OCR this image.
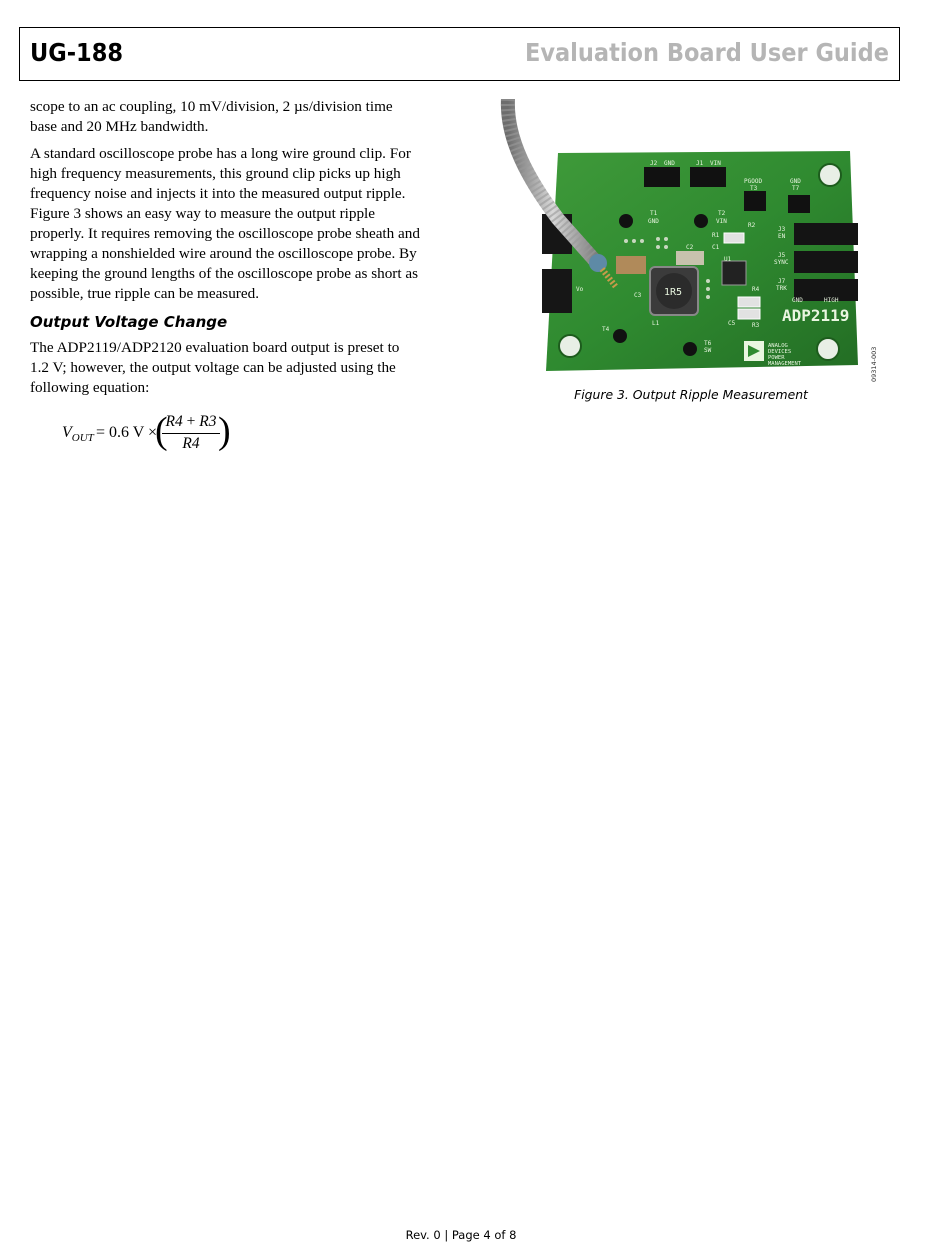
UG-188	Evaluation Board User Guide

scope to an ac coupling, 10 mV/division, 2 µs/division time base and 20 MHz bandwidth.

A standard oscilloscope probe has a long wire ground clip. For high frequency measurements, this ground clip picks up high frequency noise and injects it into the measured output ripple. Figure 3 shows an easy way to measure the output ripple properly. It requires removing the oscilloscope probe sheath and wrapping a nonshielded wire around the oscilloscope probe. By keeping the ground lengths of the oscilloscope probe as short as possible, true ripple can be measured.

Output Voltage Change

The ADP2119/ADP2120 evaluation board output is preset to 1.2 V; however, the output voltage can be adjusted using the following equation:

$V_{OUT} = 0.6$ V ×
(
$\frac{R4 + R3}{R4}$
)
J2 GND	J1 VIN
PGOOD
T3
GND
T7
T1
GND
T2
VIN
R2
R1
C1
U1
C2
J3
EN
J5
SYNC
J7
TRK
GND	HIGH
R4
C5	R3
C3
L1
1R5
T6
SW
T4
Vo
ADP2119
ANALOG
DEVICES
POWER
MANAGEMENT	09314-003
Figure 3. Output Ripple Measurement
Rev. 0 | Page 4 of 8
